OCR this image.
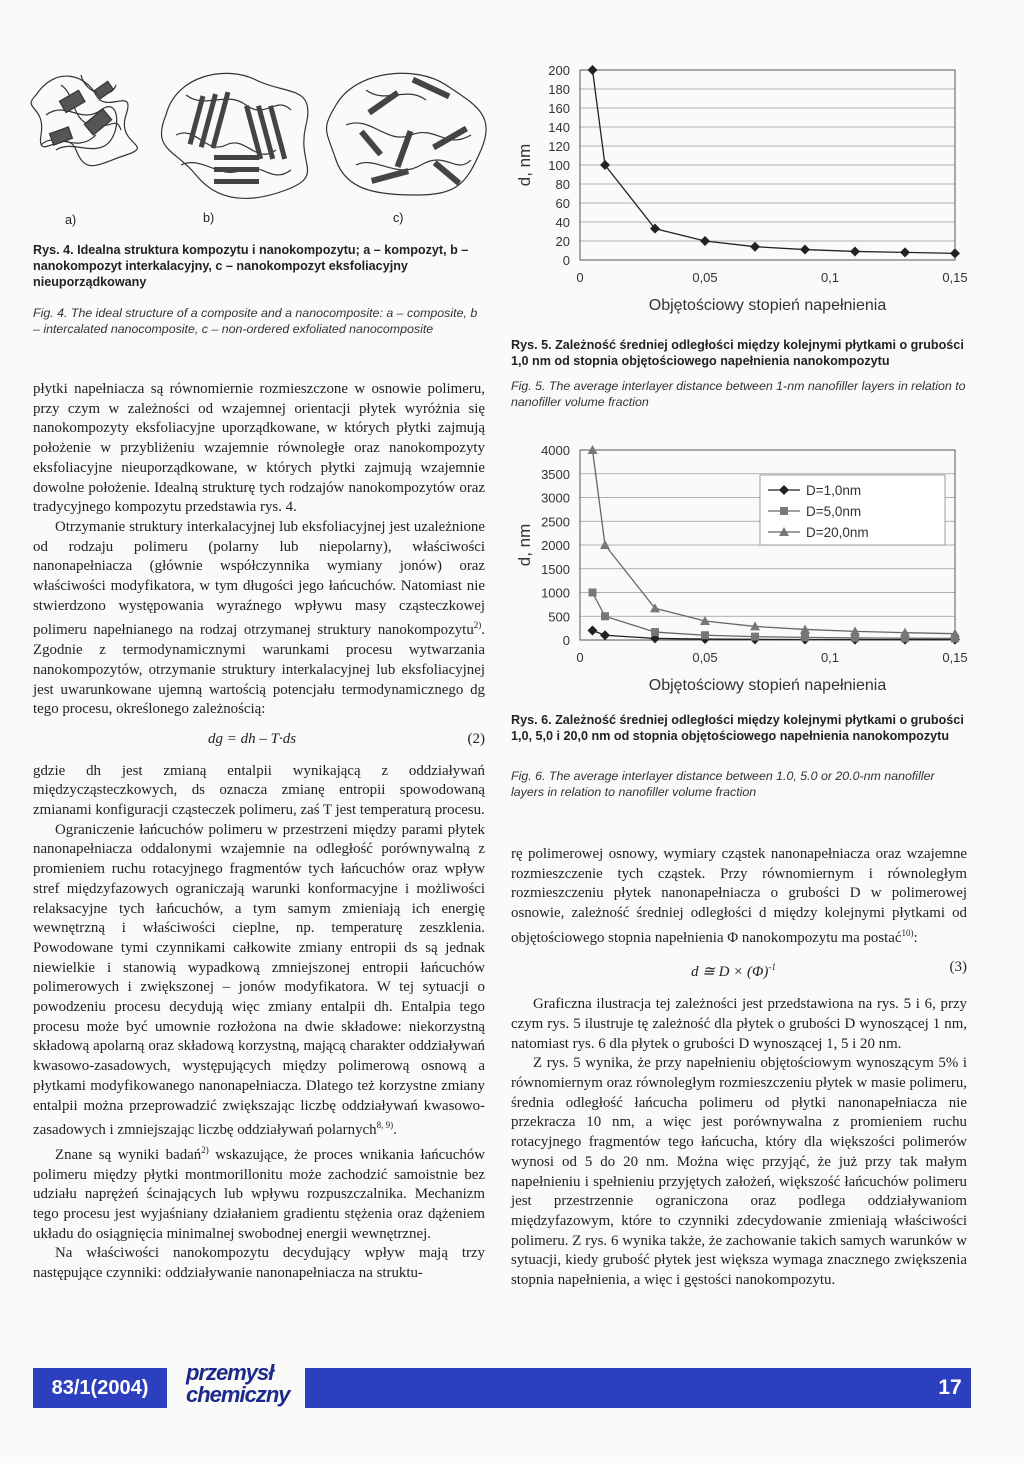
a)	b)	c)
Rys. 4. Idealna struktura kompozytu i nanokompozytu; a – kompozyt, b – nanokompozyt interkalacyjny, c – nanokompozyt eksfoliacyjny nieuporządkowany
Fig. 4. The ideal structure of a composite and a nanocomposite: a – composite, b – intercalated nanocomposite, c – non-ordered exfoliated nanocomposite

płytki napełniacza są równomiernie rozmieszczone w osnowie polimeru, przy czym w zależności od wzajemnej orientacji płytek wyróżnia się nanokompozyty eksfoliacyjne uporządkowane, w których płytki zajmują położenie w przybliżeniu wzajemnie równoległe oraz nanokompozyty eksfoliacyjne nieuporządkowane, w których płytki zajmują wzajemnie dowolne położenie. Idealną strukturę tych rodzajów nanokompozytów oraz tradycyjnego kompozytu przedstawia rys. 4.

Otrzymanie struktury interkalacyjnej lub eksfoliacyjnej jest uzależnione od rodzaju polimeru (polarny lub niepolarny), właściwości nanonapełniacza (głównie współczynnika wymiany jonów) oraz właściwości modyfikatora, w tym długości jego łańcuchów. Natomiast nie stwierdzono występowania wyraźnego wpływu masy cząsteczkowej polimeru napełnianego na rodzaj otrzymanej struktury nanokompozytu$^{2)}$. Zgodnie z termodynamicznymi warunkami procesu wytwarzania nanokompozytów, otrzymanie struktury interkalacyjnej lub eksfoliacyjnej jest uwarunkowane ujemną wartością potencjału termodynamicznego dg tego procesu, określonego zależnością:

dg = dh – T·ds	(2)

gdzie dh jest zmianą entalpii wynikającą z oddziaływań międzycząsteczkowych, ds oznacza zmianę entropii spowodowaną zmianami konfiguracji cząsteczek polimeru, zaś T jest temperaturą procesu.

Ograniczenie łańcuchów polimeru w przestrzeni między parami płytek nanonapełniacza oddalonymi wzajemnie na odległość porównywalną z promieniem ruchu rotacyjnego fragmentów tych łańcuchów oraz wpływ stref międzyfazowych ograniczają warunki konformacyjne i możliwości relaksacyjne tych łańcuchów, a tym samym zmieniają ich energię wewnętrzną i właściwości cieplne, np. temperaturę zeszklenia. Powodowane tymi czynnikami całkowite zmiany entropii ds są jednak niewielkie i stanowią wypadkową zmniejszonej entropii łańcuchów polimerowych i zwiększonej – jonów modyfikatora. W tej sytuacji o powodzeniu procesu decydują więc zmiany entalpii dh. Entalpia tego procesu może być umownie rozłożona na dwie składowe: niekorzystną składową apolarną oraz składową korzystną, mającą charakter oddziaływań kwasowo-zasadowych, występujących między polimerową osnową a płytkami modyfikowanego nanonapełniacza. Dlatego też korzystne zmiany entalpii można przeprowadzić zwiększając liczbę oddziaływań kwasowo-zasadowych i zmniejszając liczbę oddziaływań polarnych$^{8, 9)}$.

Znane są wyniki badań$^{2)}$ wskazujące, że proces wnikania łańcuchów polimeru między płytki montmorillonitu może zachodzić samoistnie bez udziału naprężeń ścinających lub wpływu rozpuszczalnika. Mechanizm tego procesu jest wyjaśniany działaniem gradientu stężenia oraz dążeniem układu do osiągnięcia minimalnej swobodnej energii wewnętrznej.

Na właściwości nanokompozytu decydujący wpływ mają trzy następujące czynniki: oddziaływanie nanonapełniacza na struktu-

0
20
40
60
80
100
120
140
160
180
200
0	0,05	0,1	0,15
d, nm
Objętościowy stopień napełnienia
Rys. 5. Zależność średniej odległości między kolejnymi płytkami o grubości 1,0 nm od stopnia objętościowego napełnienia nanokompozytu
Fig. 5. The average interlayer distance between 1-nm nanofiller layers in relation to nanofiller volume fraction
0
500
1000
1500
2000
2500
3000
3500
4000
0	0,05	0,1	0,15
d, nm
Objętościowy stopień napełnienia
D=1,0nm
D=5,0nm
D=20,0nm
Rys. 6. Zależność średniej odległości między kolejnymi płytkami o grubości 1,0, 5,0 i 20,0 nm od stopnia objętościowego napełnienia nanokompozytu
Fig. 6. The average interlayer distance between 1.0, 5.0 or 20.0-nm nanofiller layers in relation to nanofiller volume fraction

rę polimerowej osnowy, wymiary cząstek nanonapełniacza oraz wzajemne rozmieszczenie tych cząstek. Przy równomiernym i równoległym rozmieszczeniu płytek nanonapełniacza o grubości D w polimerowej osnowie, zależność średniej odległości d między kolejnymi płytkami od objętościowego stopnia napełnienia Φ nanokompozytu ma postać$^{10)}$:

d ≅ $D \times (\Phi)^{-1}$	(3)

Graficzna ilustracja tej zależności jest przedstawiona na rys. 5 i 6, przy czym rys. 5 ilustruje tę zależność dla płytek o grubości D wynoszącej 1 nm, natomiast rys. 6 dla płytek o grubości D wynoszącej 1, 5 i 20 nm.

Z rys. 5 wynika, że przy napełnieniu objętościowym wynoszącym 5% i równomiernym oraz równoległym rozmieszczeniu płytek w masie polimeru, średnia odległość łańcucha polimeru od płytki nanonapełniacza nie przekracza 10 nm, a więc jest porównywalna z promieniem ruchu rotacyjnego fragmentów tego łańcucha, który dla większości polimerów wynosi od 5 do 20 nm. Można więc przyjąć, że już przy tak małym napełnieniu i spełnieniu przyjętych założeń, większość łańcuchów polimeru jest przestrzennie ograniczona oraz podlega oddziaływaniom międzyfazowym, które to czynniki zdecydowanie zmieniają właściwości polimeru. Z rys. 6 wynika także, że zachowanie takich samych warunków w sytuacji, kiedy grubość płytek jest większa wymaga znacznego zwiększenia stopnia napełnienia, a więc i gęstości nanokompozytu.

83/1(2004)
przemysł
chemiczny	17
